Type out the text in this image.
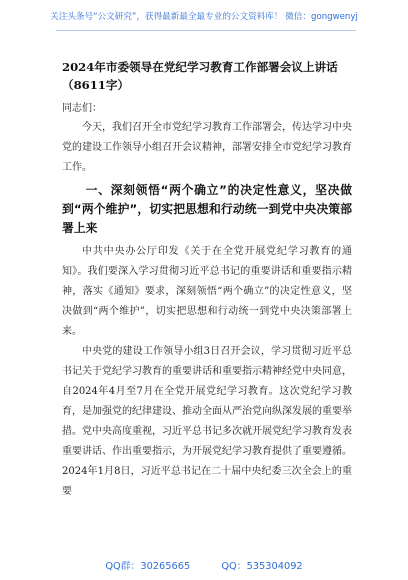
关注头条号“公文研究”，获得最新最全最专业的公文资料库！ 微信：gongwenyj

2024年市委领导在党纪学习教育工作部署会议上讲话（8611字）

同志们：

今天，我们召开全市党纪学习教育工作部署会，传达学习中央党的建设工作领导小组召开会议精神，部署安排全市党纪学习教育工作。

一、深刻领悟“两个确立”的决定性意义，坚决做到“两个维护”，切实把思想和行动统一到党中央决策部署上来

中共中央办公厅印发《关于在全党开展党纪学习教育的通知》。我们要深入学习贯彻习近平总书记的重要讲话和重要指示精神，落实《通知》要求，深刻领悟“两个确立”的决定性意义，坚决做到“两个维护”，切实把思想和行动统一到党中央决策部署上来。

中央党的建设工作领导小组3日召开会议，学习贯彻习近平总书记关于党纪学习教育的重要讲话和重要指示精神经党中央同意，自2024年4月至7月在全党开展党纪学习教育。这次党纪学习教育，是加强党的纪律建设、推动全面从严治党向纵深发展的重要举措。党中央高度重视，习近平总书记多次就开展党纪学习教育发表重要讲话、作出重要指示，为开展党纪学习教育提供了重要遵循。2024年1月8日，习近平总书记在二十届中央纪委三次全会上的重要

QQ群：30265665	QQ：535304092
